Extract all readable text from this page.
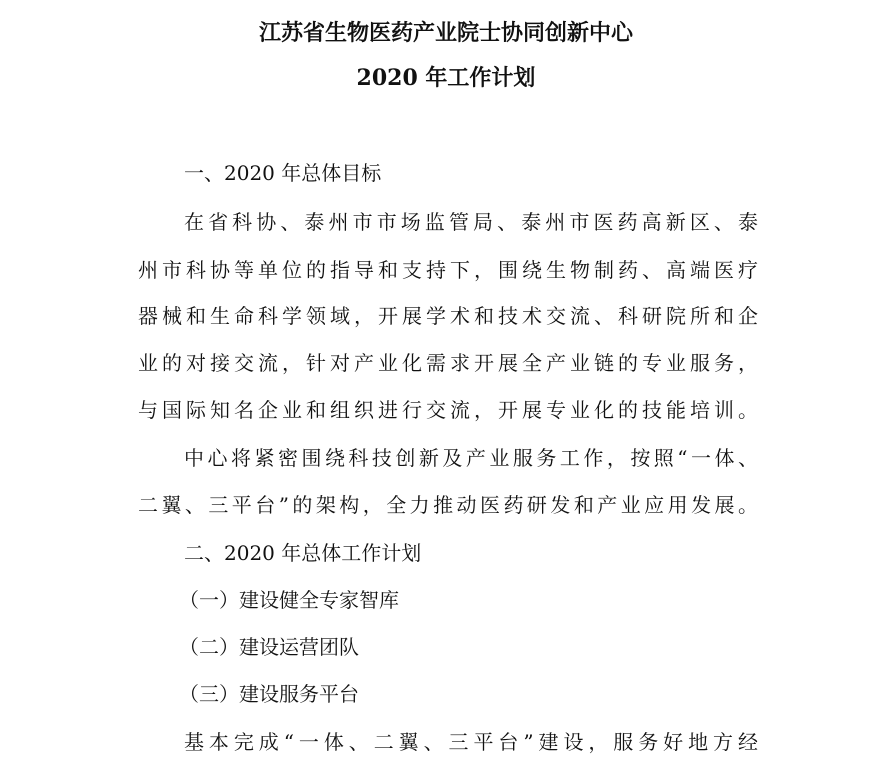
江苏省生物医药产业院士协同创新中心
2020 年工作计划
一、2020 年总体目标
在省科协、泰州市市场监管局、泰州市医药高新区、泰
州市科协等单位的指导和支持下，围绕生物制药、高端医疗
器械和生命科学领域，开展学术和技术交流、科研院所和企
业的对接交流，针对产业化需求开展全产业链的专业服务，
与国际知名企业和组织进行交流，开展专业化的技能培训。
中心将紧密围绕科技创新及产业服务工作，按照“一体、
二翼、三平台”的架构，全力推动医药研发和产业应用发展。
二、2020 年总体工作计划
（一）建设健全专家智库
（二）建设运营团队
（三）建设服务平台
基本完成“一体、二翼、三平台”建设，服务好地方经
